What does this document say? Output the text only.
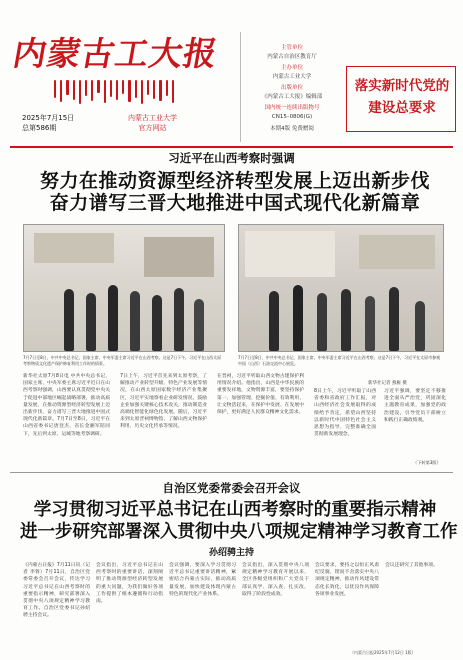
内蒙古工大报
2025年7月15日
总第586期
内蒙古工业大学
官方网站
主管单位
内蒙古自治区教育厅
主办单位
内蒙古工业大学
出版单位
《内蒙古工大报》编辑部
国内统一连续出版物号
CN15–0806(G)
本期4版 免费赠阅
落实新时代党的
建设总要求
习近平在山西考察时强调
努力在推动资源型经济转型发展上迈出新步伐
奋力谱写三晋大地推进中国式现代化新篇章
7月7日至8日，中共中央总书记、国家主席、中央军委主席习近平在山西考察。这是7日下午，习近平在山西太原考察物质文化遗产保护修复利用工作时的情景。
7月7日至8日，中共中央总书记、国家主席、中央军委主席习近平在山西考察。这是7日下午，习近平在太原市参观中国（山西）石油交流中心展览。
新华社太原7月8日电 中共中央总书记、国家主席、中央军委主席习近平近日在山西考察时强调，山西要认真贯彻党中央关于促进中部地区崛起战略部署，推动高质量发展，在推动资源型经济转型发展上迈出新步伐，奋力谱写三晋大地推进中国式现代化新篇章。7月7日至8日，习近平在山西省委书记唐登杰、省长金湘军陪同下，先后到太原、运城等地考察调研。
7日上午，习近平首先来到太原考察，了解推动产业转型升级、特色产业发展等情况，在山西太原国家数字经济产业集聚区，习近平实地察看企业研发情况，鼓励企业加强关键核心技术攻关，推动制造业高端化智能化绿色化发展。随后，习近平来到太原晋祠博物馆，了解山西文物保护利用、历史文化传承等情况。
在晋祠，习近平听取山西文物古建保护利用情况介绍。他指出，山西是中华民族的重要发祥地，文物资源丰富，要坚持保护第一、加强管理、挖掘价值、有效利用、让文物活起来，在保护中发展、在发展中保护，更好满足人民群众精神文化需求。
8日上午，习近平听取了山西省委和省政府工作汇报，对山西经济社会发展取得的成绩给予肯定，希望山西坚持以新时代中国特色社会主义思想为指导，完整准确全面贯彻新发展理念。
习近平强调，要坚定不移推进全面从严治党，巩固深化主题教育成果，加强党的政治建设，引导党员干部树立和践行正确政绩观。
新华社记者 燕雁 摄
（下转第3版）
自治区党委常委会召开会议
学习贯彻习近平总书记在山西考察时的重要指示精神
进一步研究部署深入贯彻中央八项规定精神学习教育工作
孙绍骋主持
《内蒙古日报》7月11日讯（记者 李蓉）7月11日，自治区党委常委会召开会议，传达学习习近平总书记在山西考察时的重要指示精神，研究部署深入贯彻中央八项规定精神学习教育工作。自治区党委书记孙绍骋主持会议。
会议指出，习近平总书记在山西考察时的重要讲话，深刻阐明了推动资源型经济转型发展的重大问题，为我们做好各项工作提供了根本遵循和行动指南。
会议强调，要深入学习贯彻习近平总书记重要讲话精神，紧密结合内蒙古实际，推动高质量发展，加快建设体现内蒙古特色的现代化产业体系。
会议指出，深入贯彻中央八项规定精神学习教育开展以来，全区各级党组织和广大党员干部认真学、深入查、扎实改，取得了阶段性成效。
会议要求，要持之以恒正风肃纪反腐，锲而不舍落实中央八项规定精神，推动作风建设常态化长效化，以优良作风保障各项事业发展。
会议还研究了其他事项。
（内蒙古日报2025年7月12日 1版）
